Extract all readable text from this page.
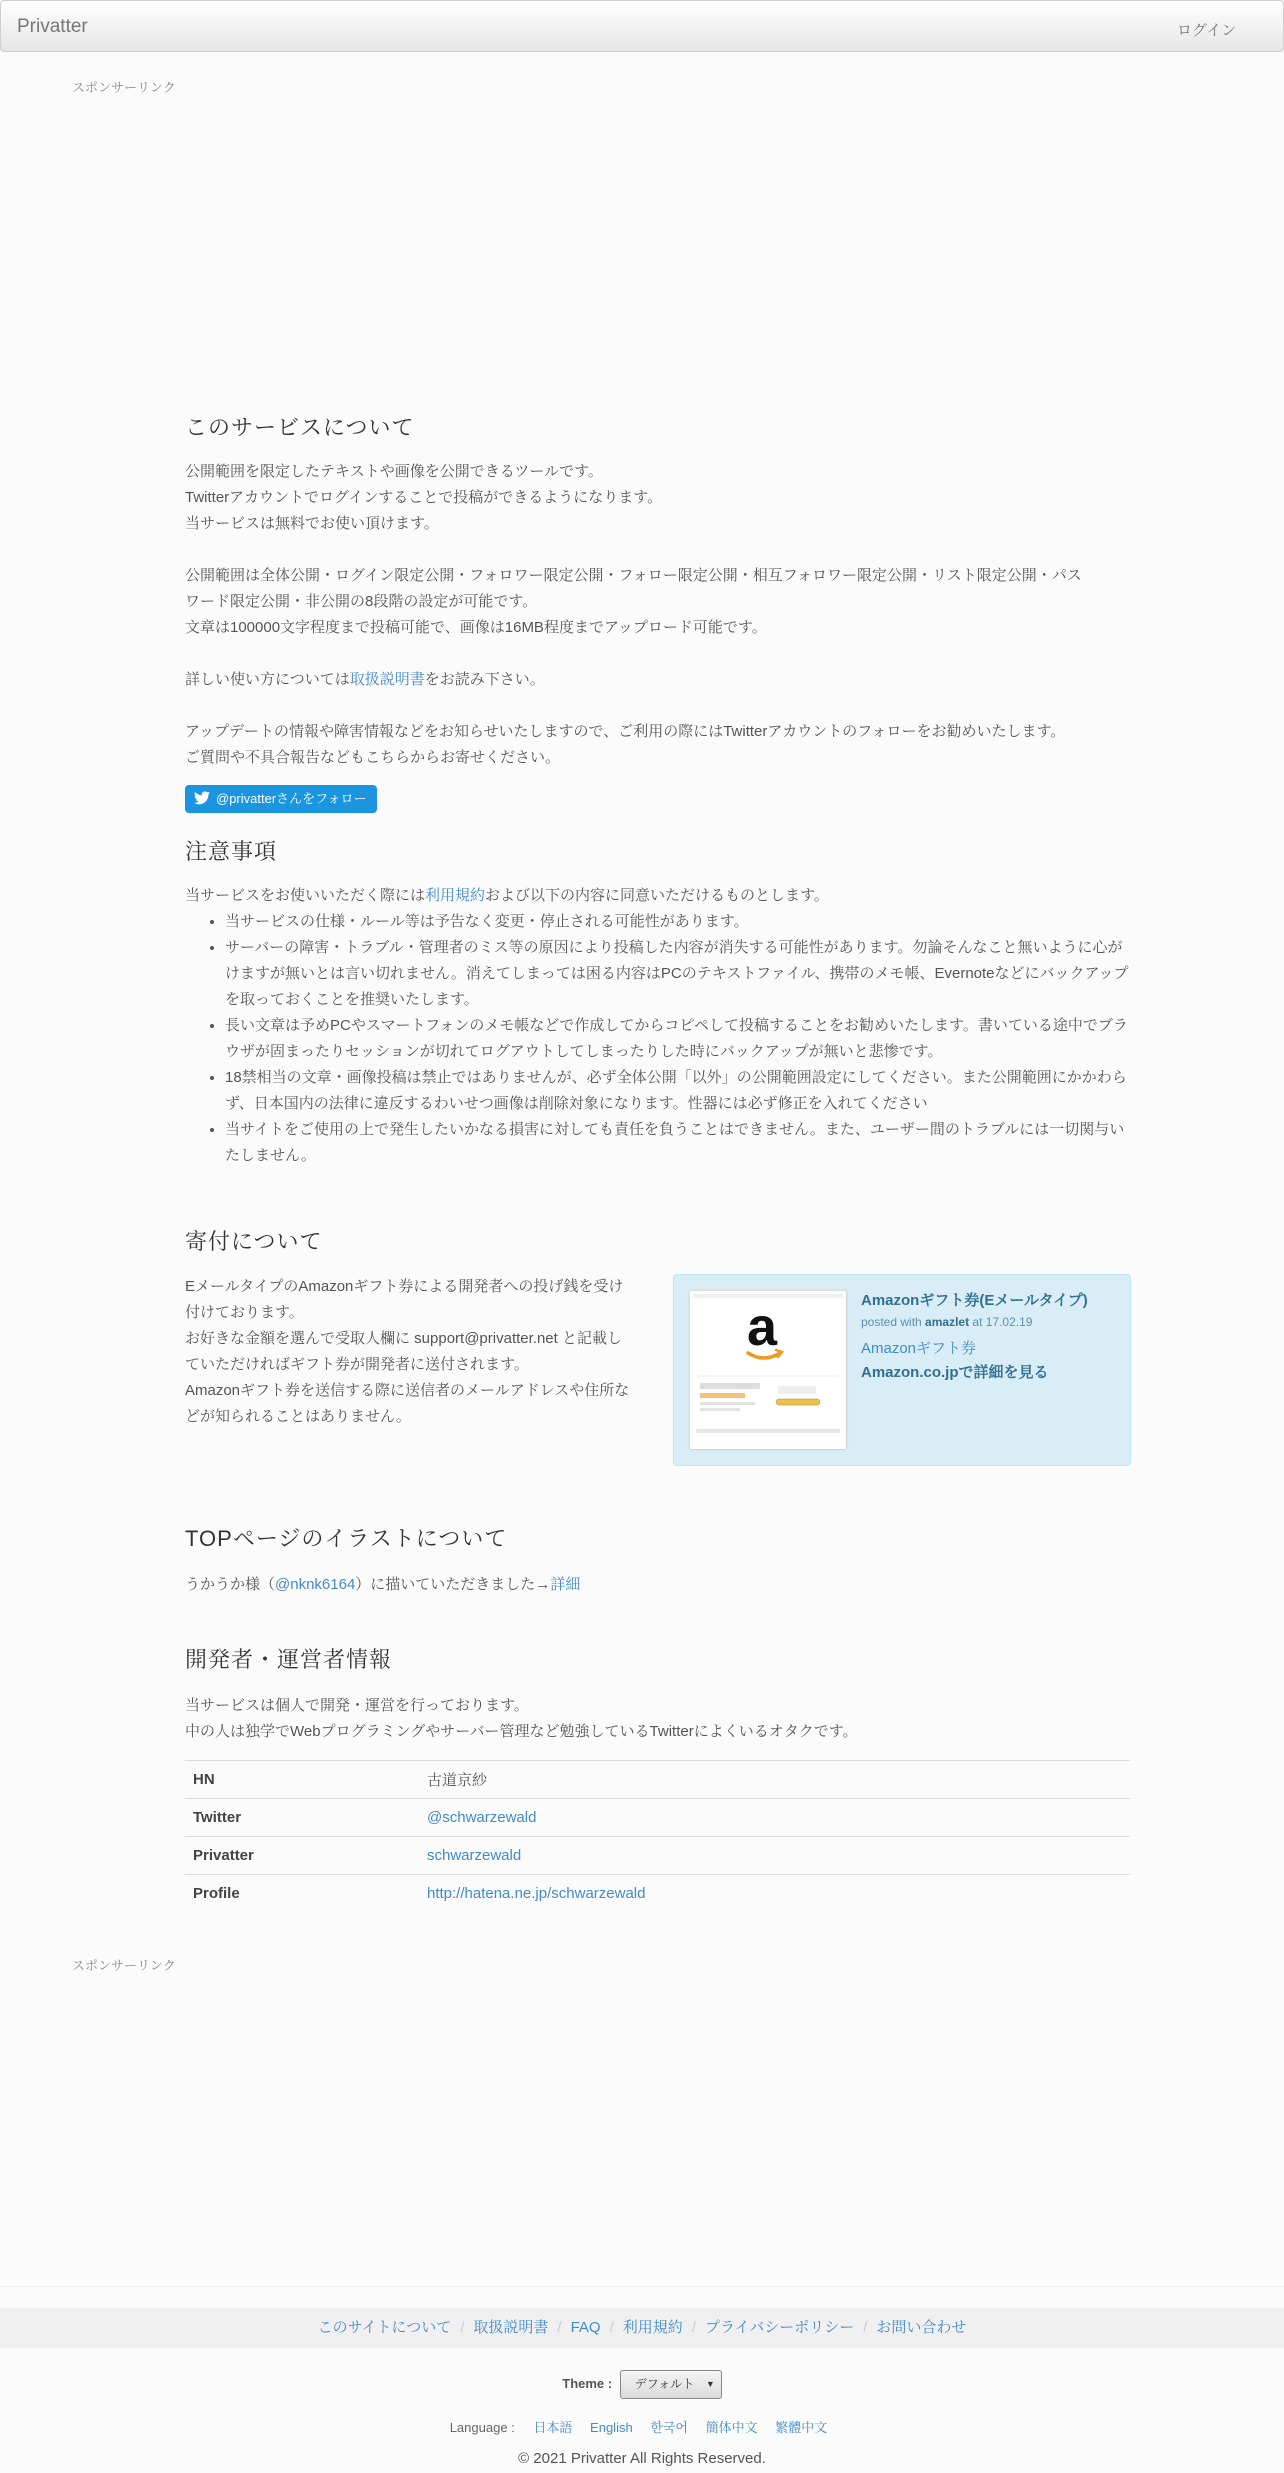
Privatter	ログイン
スポンサーリンク
このサービスについて

公開範囲を限定したテキストや画像を公開できるツールです。

Twitterアカウントでログインすることで投稿ができるようになります。

当サービスは無料でお使い頂けます。

公開範囲は全体公開・ログイン限定公開・フォロワー限定公開・フォロー限定公開・相互フォロワー限定公開・リスト限定公開・パス

ワード限定公開・非公開の8段階の設定が可能です。

文章は100000文字程度まで投稿可能で、画像は16MB程度までアップロード可能です。

詳しい使い方については取扱説明書をお読み下さい。

アップデートの情報や障害情報などをお知らせいたしますので、ご利用の際にはTwitterアカウントのフォローをお勧めいたします。

ご質問や不具合報告などもこちらからお寄せください。

@privatterさんをフォロー
注意事項
当サービスをお使いいただく際には利用規約および以下の内容に同意いただけるものとします。
• 当サービスの仕様・ルール等は予告なく変更・停止される可能性があります。
• サーバーの障害・トラブル・管理者のミス等の原因により投稿した内容が消失する可能性があります。勿論そんなこと無いように心がけますが無いとは言い切れません。消えてしまっては困る内容はPCのテキストファイル、携帯のメモ帳、Evernoteなどにバックアップを取っておくことを推奨いたします。
• 長い文章は予めPCやスマートフォンのメモ帳などで作成してからコピペして投稿することをお勧めいたします。書いている途中でブラウザが固まったりセッションが切れてログアウトしてしまったりした時にバックアップが無いと悲惨です。
• 18禁相当の文章・画像投稿は禁止ではありませんが、必ず全体公開「以外」の公開範囲設定にしてください。また公開範囲にかかわらず、日本国内の法律に違反するわいせつ画像は削除対象になります。性器には必ず修正を入れてください
• 当サイトをご使用の上で発生したいかなる損害に対しても責任を負うことはできません。また、ユーザー間のトラブルには一切関与いたしません。
寄付について

EメールタイプのAmazonギフト券による開発者への投げ銭を受け付けております。

お好きな金額を選んで受取人欄に support@privatter.net と記載していただければギフト券が開発者に送付されます。

Amazonギフト券を送信する際に送信者のメールアドレスや住所などが知られることはありません。

a	Amazonギフト券(Eメールタイプ)
posted with amazlet at 17.02.19
Amazonギフト券
Amazon.co.jpで詳細を見る
TOPページのイラストについて
うかうか様（@nknk6164）に描いていただきました→詳細
開発者・運営者情報

当サービスは個人で開発・運営を行っております。

中の人は独学でWebプログラミングやサーバー管理など勉強しているTwitterによくいるオタクです。

HN	古道京紗
Twitter	@schwarzewald
Privatter	schwarzewald
Profile	http://hatena.ne.jp/schwarzewald
スポンサーリンク
このサイトについて / 取扱説明書 / FAQ / 利用規約 / プライバシーポリシー / お問い合わせ
Theme : デフォルト ▼
Language : 日本語 English 한국어 簡体中文 繁體中文
© 2021 Privatter All Rights Reserved.
